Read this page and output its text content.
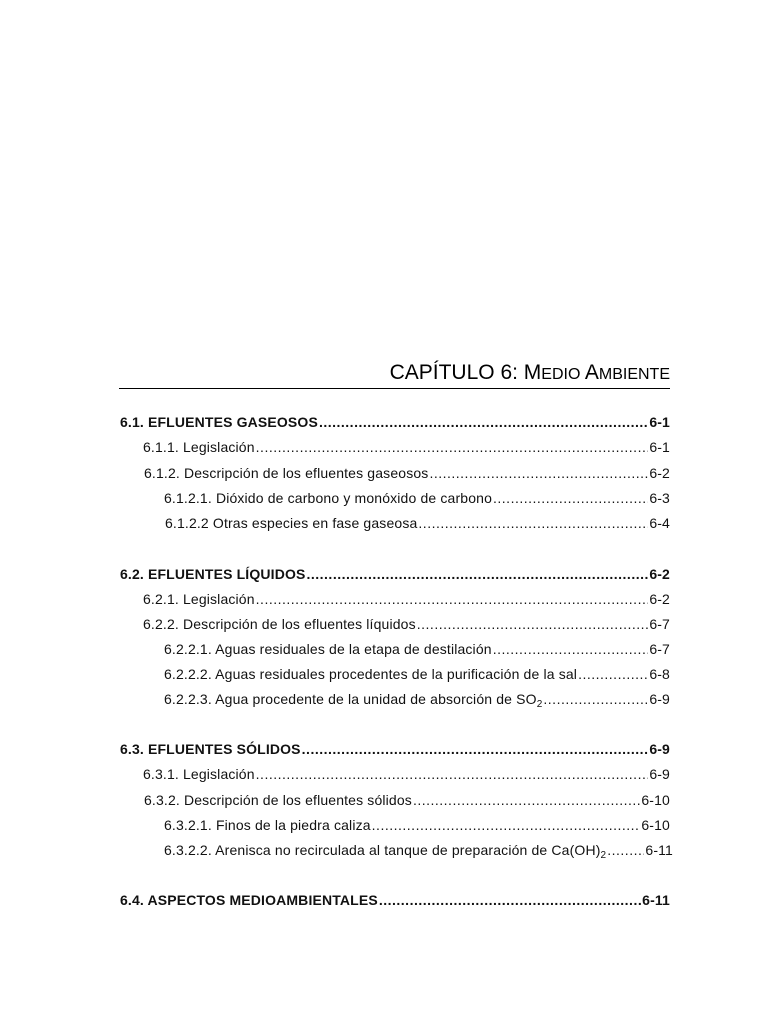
CAPÍTULO 6: MEDIO AMBIENTE
6.1. EFLUENTES GASEOSOS .....	6-1
6.1.1. Legislación .....	6-1
6.1.2. Descripción de los efluentes gaseosos .....	6-2
6.1.2.1. Dióxido de carbono y monóxido de carbono .....	6-3
6.1.2.2 Otras especies en fase gaseosa .....	6-4
6.2. EFLUENTES LÍQUIDOS .....	6-2
6.2.1. Legislación .....	6-2
6.2.2. Descripción de los efluentes líquidos .....	6-7
6.2.2.1. Aguas residuales de la etapa de destilación .....	6-7
6.2.2.2. Aguas residuales procedentes de la purificación de la sal .....	6-8
6.2.2.3. Agua procedente de la unidad de absorción de $SO_2$ .....	6-9
6.3. EFLUENTES SÓLIDOS .....	6-9
6.3.1. Legislación .....	6-9
6.3.2. Descripción de los efluentes sólidos .....	6-10
6.3.2.1. Finos de la piedra caliza .....	6-10
6.3.2.2. Arenisca no recirculada al tanque de preparación de $Ca(OH)_2$ .....	6-11
6.4. ASPECTOS MEDIOAMBIENTALES .....	6-11
